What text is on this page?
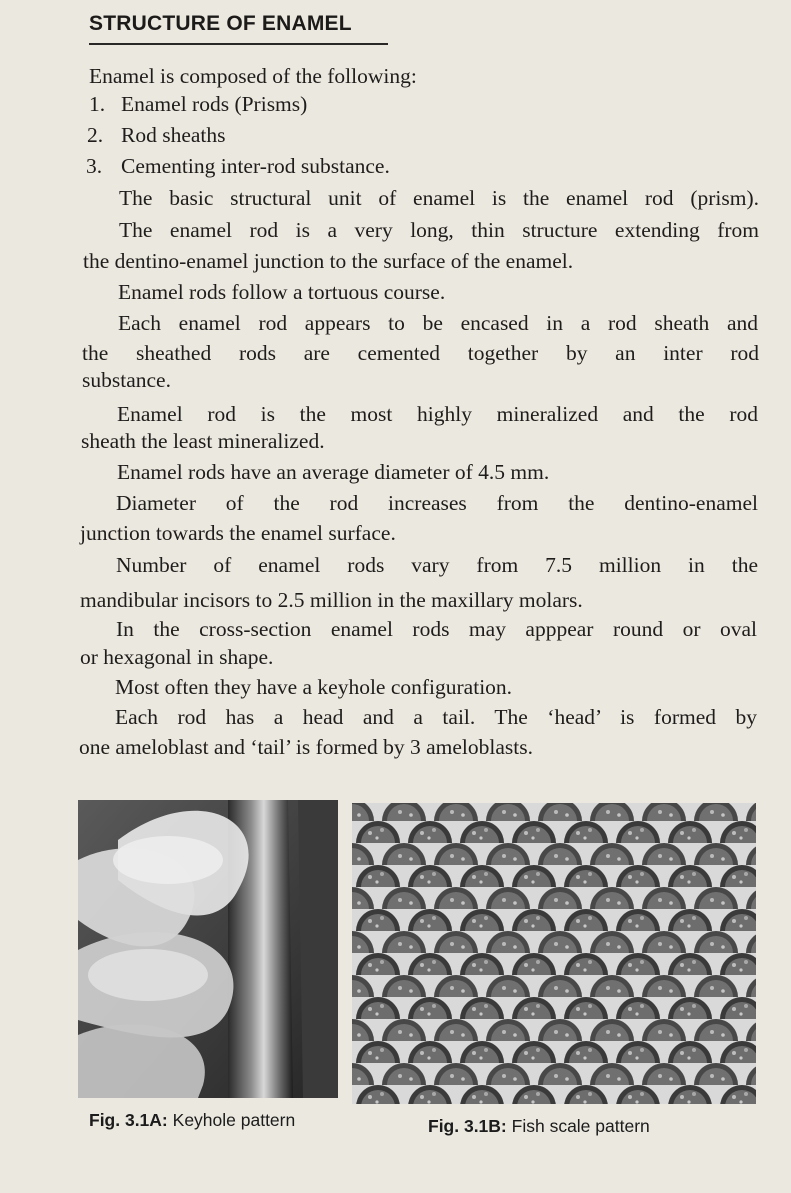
STRUCTURE OF ENAMEL
Enamel is composed of the following:
1. Enamel rods (Prisms)
2. Rod sheaths
3. Cementing inter-rod substance.
The basic structural unit of enamel is the enamel rod (prism).
The enamel rod is a very long, thin structure extending from
the dentino-enamel junction to the surface of the enamel.
Enamel rods follow a tortuous course.
Each enamel rod appears to be encased in a rod sheath and
the sheathed rods are cemented together by an inter rod
substance.
Enamel rod is the most highly mineralized and the rod
sheath the least mineralized.
Enamel rods have an average diameter of 4.5 mm.
Diameter of the rod increases from the dentino-enamel
junction towards the enamel surface.
Number of enamel rods vary from 7.5 million in the
mandibular incisors to 2.5 million in the maxillary molars.
In the cross-section enamel rods may apppear round or oval
or hexagonal in shape.
Most often they have a keyhole configuration.
Each rod has a head and a tail. The ‘head’ is formed by
one ameloblast and ‘tail’ is formed by 3 ameloblasts.
Fig. 3.1A: Keyhole pattern	Fig. 3.1B: Fish scale pattern
